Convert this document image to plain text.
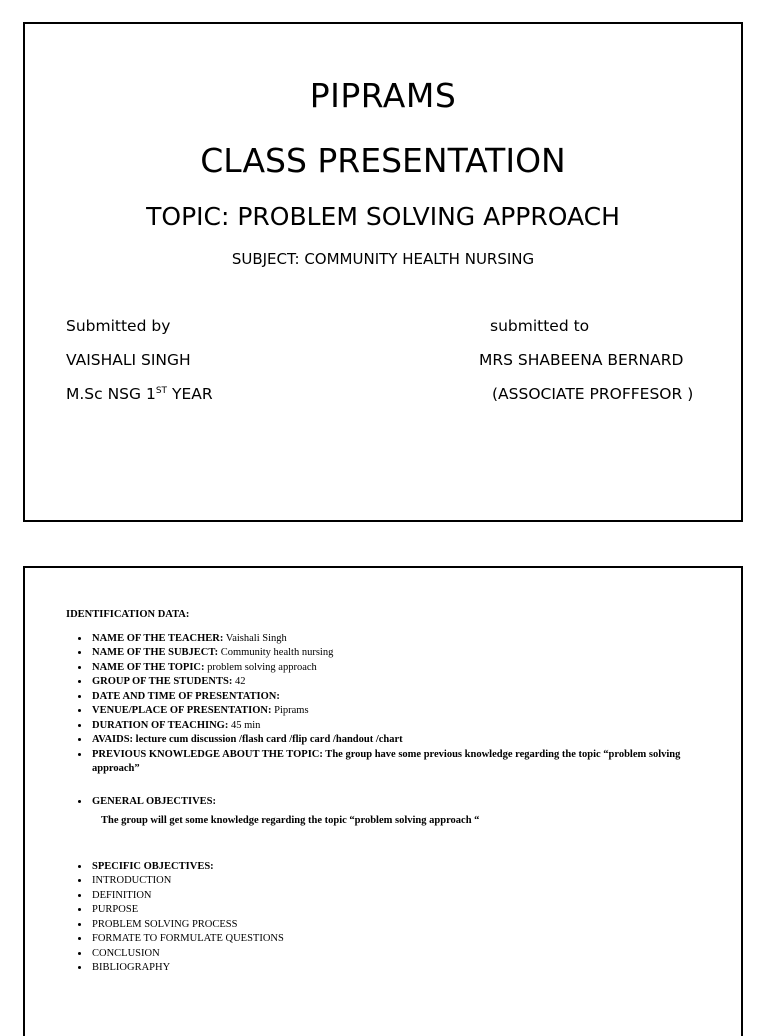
PIPRAMS
CLASS PRESENTATION
TOPIC: PROBLEM SOLVING APPROACH
SUBJECT: COMMUNITY HEALTH NURSING
Submitted by	submitted to
VAISHALI SINGH	MRS SHABEENA BERNARD
M.Sc NSG 1ST YEAR	(ASSOCIATE PROFFESOR )
IDENTIFICATION DATA:
• NAME OF THE TEACHER: Vaishali Singh
• NAME OF THE SUBJECT: Community health nursing
• NAME OF THE TOPIC: problem solving approach
• GROUP OF THE STUDENTS: 42
• DATE AND TIME OF PRESENTATION:
• VENUE/PLACE OF PRESENTATION: Piprams
• DURATION OF TEACHING: 45 min
• AVAIDS: lecture cum discussion /flash card /flip card /handout /chart
• PREVIOUS KNOWLEDGE ABOUT THE TOPIC: The group have some previous knowledge regarding the topic “problem solving approach”
• GENERAL OBJECTIVES:
The group will get some knowledge regarding the topic “problem solving approach “
• SPECIFIC OBJECTIVES:
• INTRODUCTION
• DEFINITION
• PURPOSE
• PROBLEM SOLVING PROCESS
• FORMATE TO FORMULATE QUESTIONS
• CONCLUSION
• BIBLIOGRAPHY
